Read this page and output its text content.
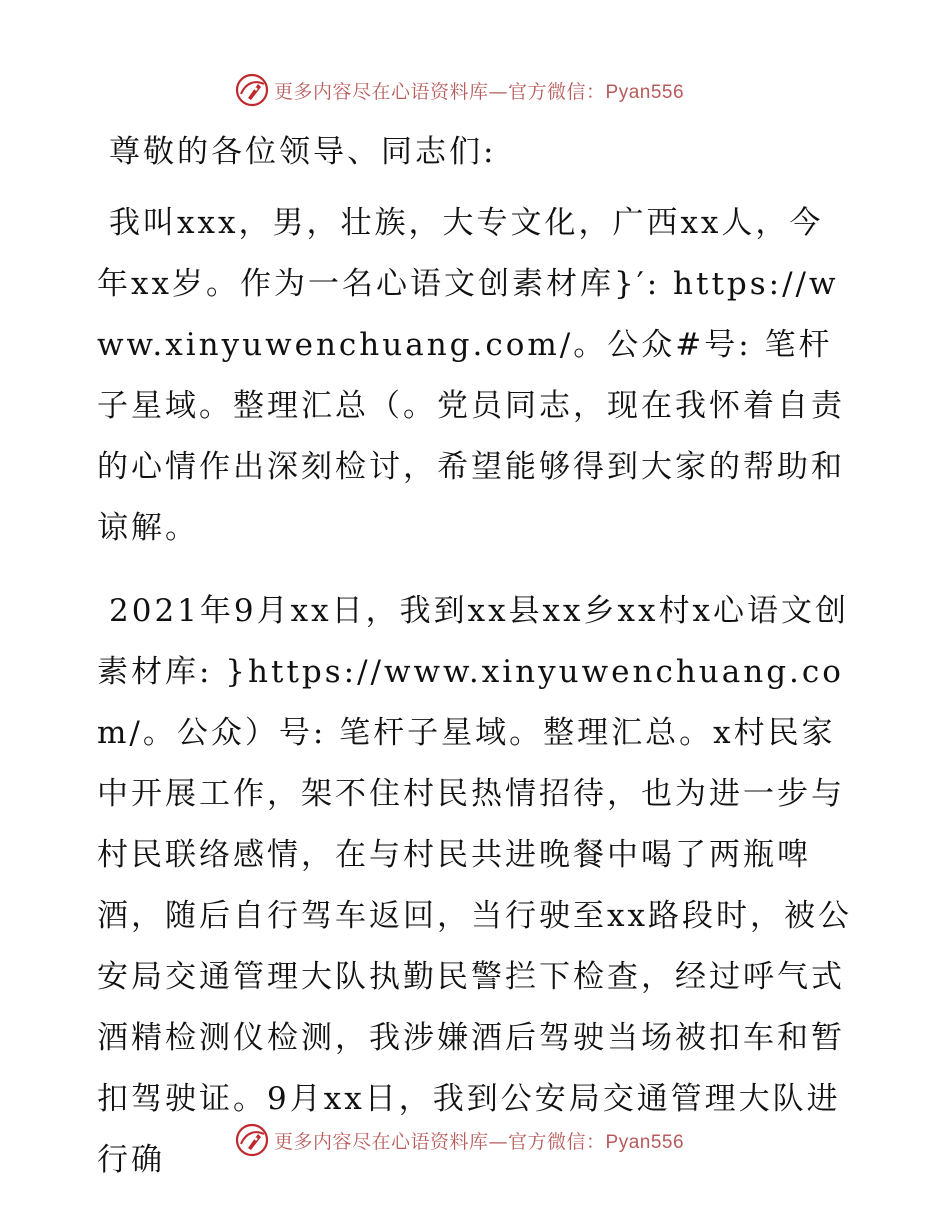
更多内容尽在心语资料库—官方微信：Pyan556

尊敬的各位领导、同志们:

我叫xxx，男，壮族，大专文化，广西xx人，今年xx岁。作为一名心语文创素材库}′: https://www.xinyuwenchuang.com/。公众#号: 笔杆子星域。整理汇总（。党员同志，现在我怀着自责的心情作出深刻检讨，希望能够得到大家的帮助和谅解。

2021年9月xx日，我到xx县xx乡xx村x心语文创素材库: }https://www.xinyuwenchuang.com/。公众）号: 笔杆子星域。整理汇总。x村民家中开展工作，架不住村民热情招待，也为进一步与村民联络感情，在与村民共进晚餐中喝了两瓶啤酒，随后自行驾车返回，当行驶至xx路段时，被公安局交通管理大队执勤民警拦下检查，经过呼气式酒精检测仪检测，我涉嫌酒后驾驶当场被扣车和暂扣驾驶证。9月xx日，我到公安局交通管理大队进行确

更多内容尽在心语资料库—官方微信：Pyan556
